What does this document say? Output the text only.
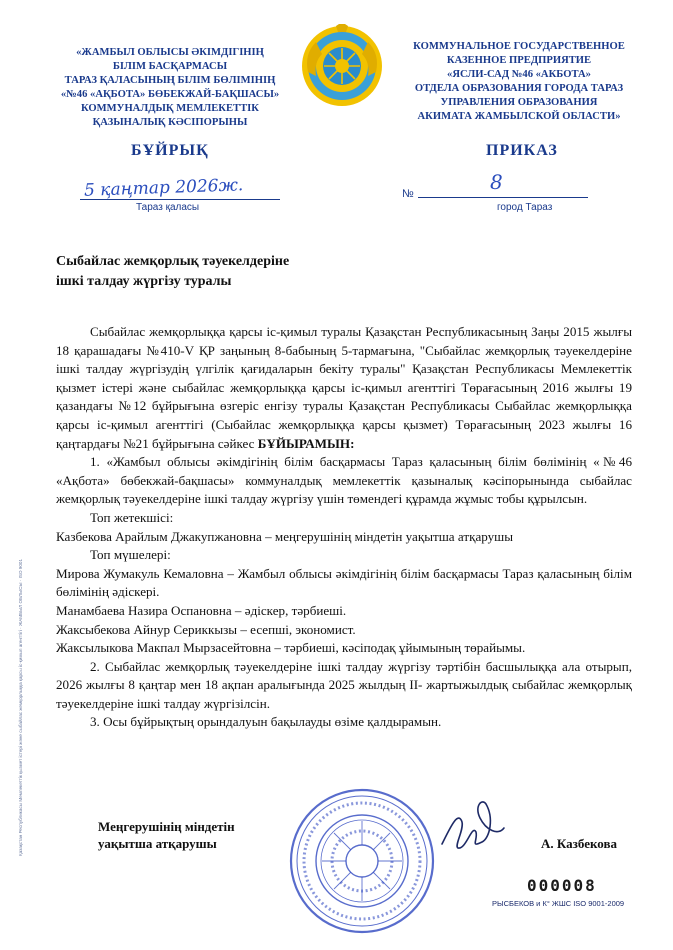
Қазақстан Республикасы Мемлекеттік қызмет істері және сыбайлас жемқорлыққа қарсы іс-қимыл агенттігі · ЖАМБЫЛ ОБЛЫСЫ · ISO 9001
«ЖАМБЫЛ ОБЛЫСЫ ӘКІМДІГІНІҢ
БІЛІМ БАСҚАРМАСЫ
ТАРАЗ ҚАЛАСЫНЫҢ БІЛІМ БӨЛІМІНІҢ
«№46 «АҚБОТА» БӨБЕКЖАЙ-БАҚШАСЫ»
КОММУНАЛДЫҚ МЕМЛЕКЕТТІК
ҚАЗЫНАЛЫҚ КӘСІПОРЫНЫ
КОММУНАЛЬНОЕ ГОСУДАРСТВЕННОЕ
КАЗЕННОЕ ПРЕДПРИЯТИЕ
«ЯСЛИ-САД №46 «АКБОТА»
ОТДЕЛА ОБРАЗОВАНИЯ ГОРОДА ТАРАЗ
УПРАВЛЕНИЯ ОБРАЗОВАНИЯ
АКИМАТА ЖАМБЫЛСКОЙ ОБЛАСТИ»
БҰЙРЫҚ	ПРИКАЗ
5 қаңтар 2026ж.
Тараз қаласы
№	8
город Тараз
Сыбайлас жемқорлық тәуекелдеріне
ішкі талдау жүргізу туралы

Сыбайлас жемқорлыққа қарсы іс-қимыл туралы Қазақстан Республикасының Заңы 2015 жылғы 18 қарашадағы №410-V ҚР заңының 8-бабының 5-тармағына, "Сыбайлас жемқорлық тәуекелдеріне ішкі талдау жүргізудің үлгілік қағидаларын бекіту туралы" Қазақстан Республикасы Мемлекеттік қызмет істері және сыбайлас жемқорлыққа қарсы іс-қимыл агенттігі Төрағасының 2016 жылғы 19 қазандағы №12 бұйрығына өзгеріс енгізу туралы Қазақстан Республикасы Сыбайлас жемқорлыққа қарсы іс-қимыл агенттігі (Сыбайлас жемқорлыққа қарсы қызмет) Төрағасының 2023 жылғы 16 қаңтардағы №21 бұйрығына сәйкес БҰЙЫРАМЫН:

1. «Жамбыл облысы әкімдігінің білім басқармасы Тараз қаласының білім бөлімінің «№46 «Ақбота» бөбекжай-бақшасы» коммуналдық мемлекеттік қазыналық кәсіпорынында сыбайлас жемқорлық тәуекелдеріне ішкі талдау жүргізу үшін төмендегі құрамда жұмыс тобы құрылсын.

Топ жетекшісі:

Казбекова Арайлым Джакупжановна – меңгерушінің міндетін уақытша атқарушы

Топ мүшелері:

Мирова Жумакуль Кемаловна – Жамбыл облысы әкімдігінің білім басқармасы Тараз қаласының білім бөлімінің әдіскері.

Манамбаева Назира Оспановна – әдіскер, тәрбиеші.

Жаксыбекова Айнур Сериккызы – есепші, экономист.

Жаксылыкова Макпал Мырзасейтовна – тәрбиеші, кәсіподақ ұйымының төрайымы.

2. Сыбайлас жемқорлық тәуекелдеріне ішкі талдау жүргізу тәртібін басшылыққа ала отырып, 2026 жылғы 8 қаңтар мен 18 ақпан аралығында 2025 жылдың II- жартыжылдық сыбайлас жемқорлық тәуекелдеріне ішкі талдау жүргізілсін.

3. Осы бұйрықтың орындалуын бақылауды өзіме қалдырамын.

Меңгерушінің міндетін
уақытша атқарушы	А. Казбекова
000008
РЫСБЕКОВ и К° ЖШС ISO 9001-2009
